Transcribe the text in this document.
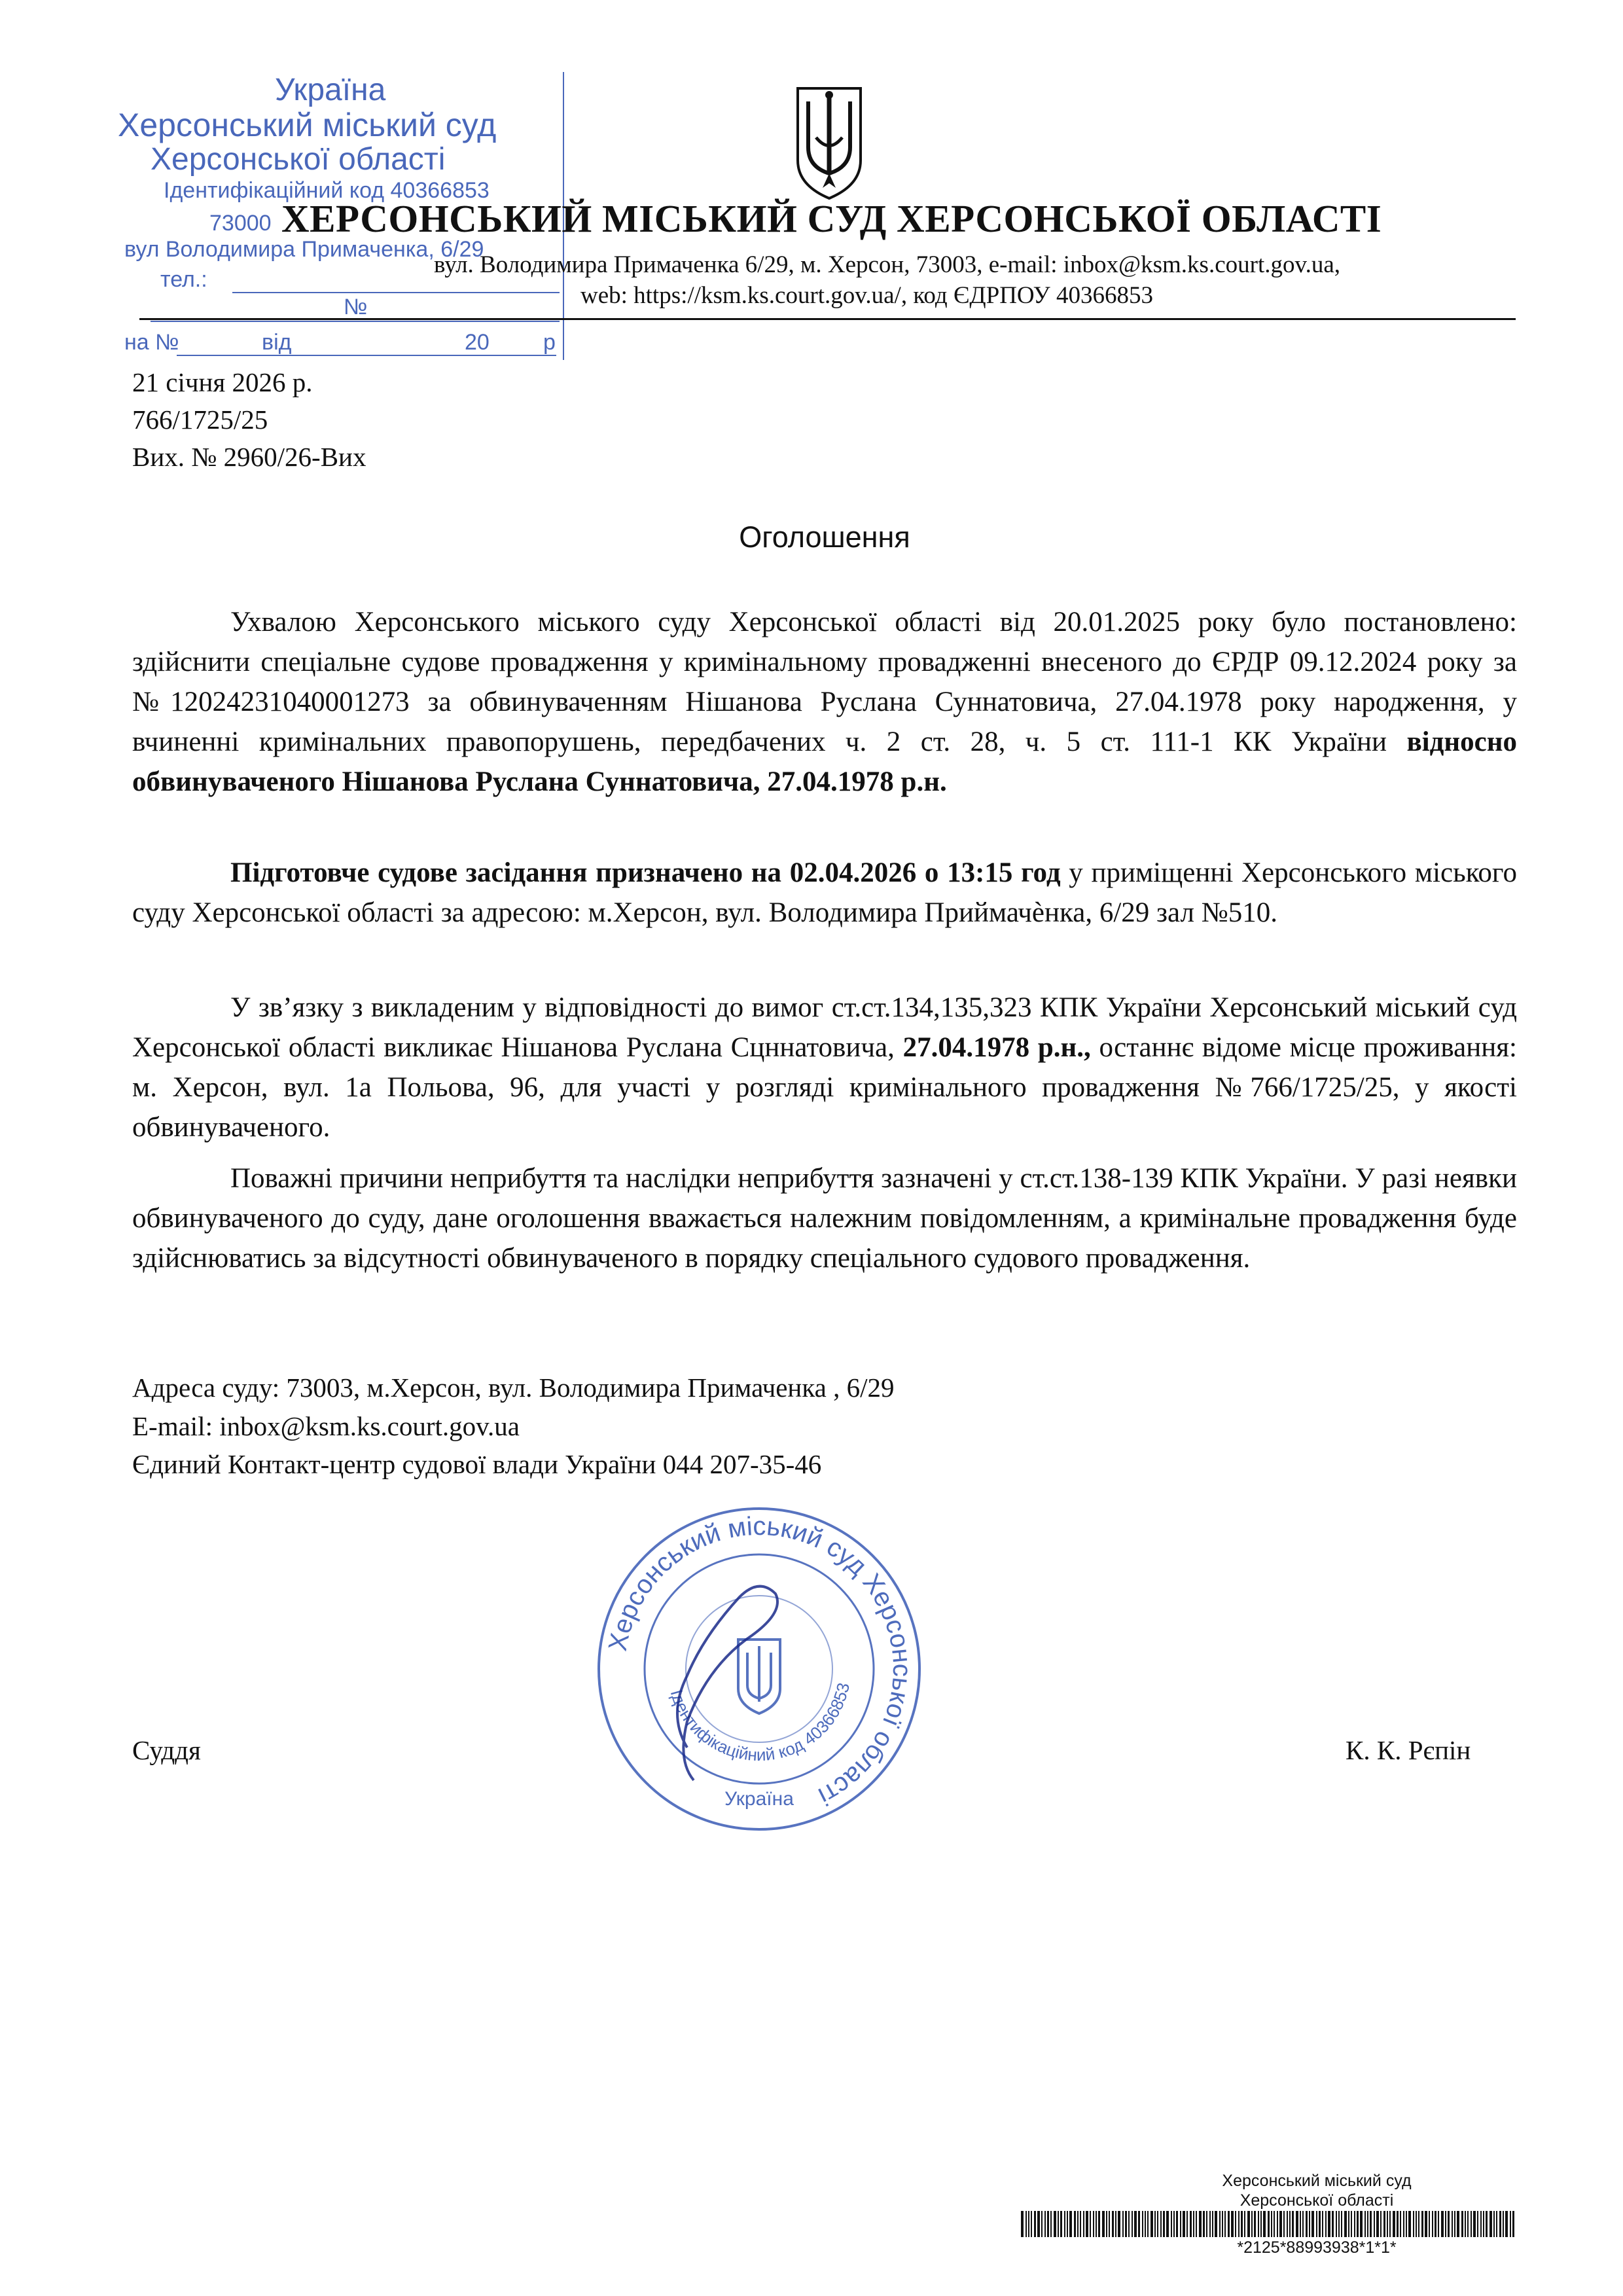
Україна
Херсонський міський суд
Херсонської області
Ідентифікаційний код 40366853
73000
вул Володимира Примаченка, 6/29
тел.:
№
на №	від	20 р
ХЕРСОНСЬКИЙ МІСЬКИЙ СУД ХЕРСОНСЬКОЇ ОБЛАСТІ
вул. Володимира Примаченка 6/29, м. Херсон, 73003, e-mail: inbox@ksm.ks.court.gov.ua,
web: https://ksm.ks.court.gov.ua/, код ЄДРПОУ 40366853
21 січня 2026 р.
766/1725/25
Вих. № 2960/26-Вих
Оголошення

Ухвалою Херсонського міського суду Херсонської області від 20.01.2025 року було постановлено: здійснити спеціальне судове провадження у кримінальному провадженні внесеного до ЄРДР 09.12.2024 року за №12024231040001273 за обвинуваченням Нішанова Руслана Суннатовича, 27.04.1978 року народження, у вчиненні кримінальних правопорушень, передбачених ч. 2 ст. 28, ч. 5 ст. 111-1 КК України відносно обвинуваченого Нішанова Руслана Суннатовича, 27.04.1978 р.н.

Підготовче судове засідання призначено на 02.04.2026 о 13:15 год у приміщенні Херсонського міського суду Херсонської області за адресою: м.Херсон, вул. Володимира Приймачѐнка, 6/29 зал №510.

У зв’язку з викладеним у відповідності до вимог ст.ст.134,135,323 КПК України Херсонський міський суд Херсонської області викликає Нішанова Руслана Сцннатовича, 27.04.1978 р.н., останнє відоме місце проживання: м. Херсон, вул. 1а Польова, 96, для участі у розгляді кримінального провадження №766/1725/25, у якості обвинуваченого.

Поважні причини неприбуття та наслідки неприбуття зазначені у ст.ст.138-139 КПК України. У разі неявки обвинуваченого до суду, дане оголошення вважається належним повідомленням, а кримінальне провадження буде здійснюватись за відсутності обвинуваченого в порядку спеціального судового провадження.

Адреса суду: 73003, м.Херсон, вул. Володимира Примаченка , 6/29
E-mail: inbox@ksm.ks.court.gov.ua
Єдиний Контакт-центр судової влади України 044 207-35-46
Херсонський міський суд Херсонської області
Ідентифікаційний код 40366853
Україна
Суддя	К. К. Рєпін
Херсонський міський суд
Херсонської області
*2125*88993938*1*1*
